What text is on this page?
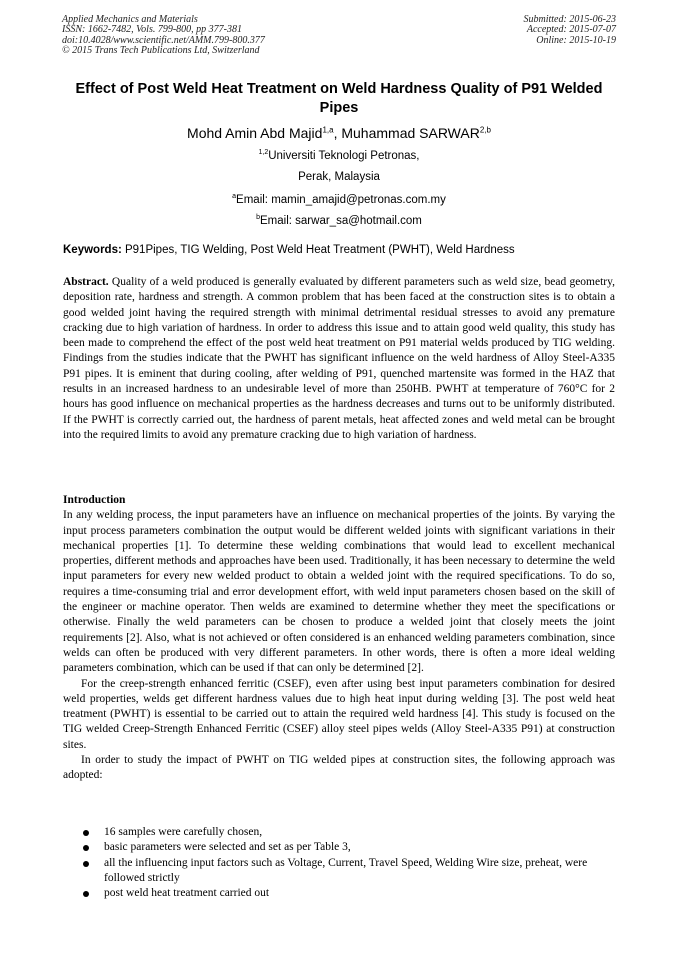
Applied Mechanics and Materials
ISSN: 1662-7482, Vols. 799-800, pp 377-381
doi:10.4028/www.scientific.net/AMM.799-800.377
© 2015 Trans Tech Publications Ltd, Switzerland
Submitted: 2015-06-23
Accepted: 2015-07-07
Online: 2015-10-19
Effect of Post Weld Heat Treatment on Weld Hardness Quality of P91 Welded Pipes
Mohd Amin Abd Majid$^{1,a}$, Muhammad SARWAR$^{2,b}$
$^{1,2}$Universiti Teknologi Petronas,
Perak, Malaysia
$^a$Email: mamin_amajid@petronas.com.my
$^b$Email: sarwar_sa@hotmail.com
Keywords: P91Pipes, TIG Welding, Post Weld Heat Treatment (PWHT), Weld Hardness

Abstract. Quality of a weld produced is generally evaluated by different parameters such as weld size, bead geometry, deposition rate, hardness and strength. A common problem that has been faced at the construction sites is to obtain a good welded joint having the required strength with minimal detrimental residual stresses to avoid any premature cracking due to high variation of hardness. In order to address this issue and to attain good weld quality, this study has been made to comprehend the effect of the post weld heat treatment on P91 material welds produced by TIG welding. Findings from the studies indicate that the PWHT has significant influence on the weld hardness of Alloy Steel-A335 P91 pipes. It is eminent that during cooling, after welding of P91, quenched martensite was formed in the HAZ that results in an increased hardness to an undesirable level of more than 250HB. PWHT at temperature of 760°C for 2 hours has good influence on mechanical properties as the hardness decreases and turns out to be uniformly distributed. If the PWHT is correctly carried out, the hardness of parent metals, heat affected zones and weld metal can be brought into the required limits to avoid any premature cracking due to high variation of hardness.

Introduction

In any welding process, the input parameters have an influence on mechanical properties of the joints. By varying the input process parameters combination the output would be different welded joints with significant variations in their mechanical properties [1]. To determine these welding combinations that would lead to excellent mechanical properties, different methods and approaches have been used. Traditionally, it has been necessary to determine the weld input parameters for every new welded product to obtain a welded joint with the required specifications. To do so, requires a time-consuming trial and error development effort, with weld input parameters chosen based on the skill of the engineer or machine operator. Then welds are examined to determine whether they meet the specifications or otherwise. Finally the weld parameters can be chosen to produce a welded joint that closely meets the joint requirements [2]. Also, what is not achieved or often considered is an enhanced welding parameters combination, since welds can often be produced with very different parameters. In other words, there is often a more ideal welding parameters combination, which can be used if that can only be determined [2].

For the creep-strength enhanced ferritic (CSEF), even after using best input parameters combination for desired weld properties, welds get different hardness values due to high heat input during welding [3]. The post weld heat treatment (PWHT) is essential to be carried out to attain the required weld hardness [4]. This study is focused on the TIG welded Creep-Strength Enhanced Ferritic (CSEF) alloy steel pipes welds (Alloy Steel-A335 P91) at construction sites.

In order to study the impact of PWHT on TIG welded pipes at construction sites, the following approach was adopted:

16 samples were carefully chosen,
basic parameters were selected and set as per Table 3,
all the influencing input factors such as Voltage, Current, Travel Speed, Welding Wire size, preheat, were followed strictly
post weld heat treatment carried out
